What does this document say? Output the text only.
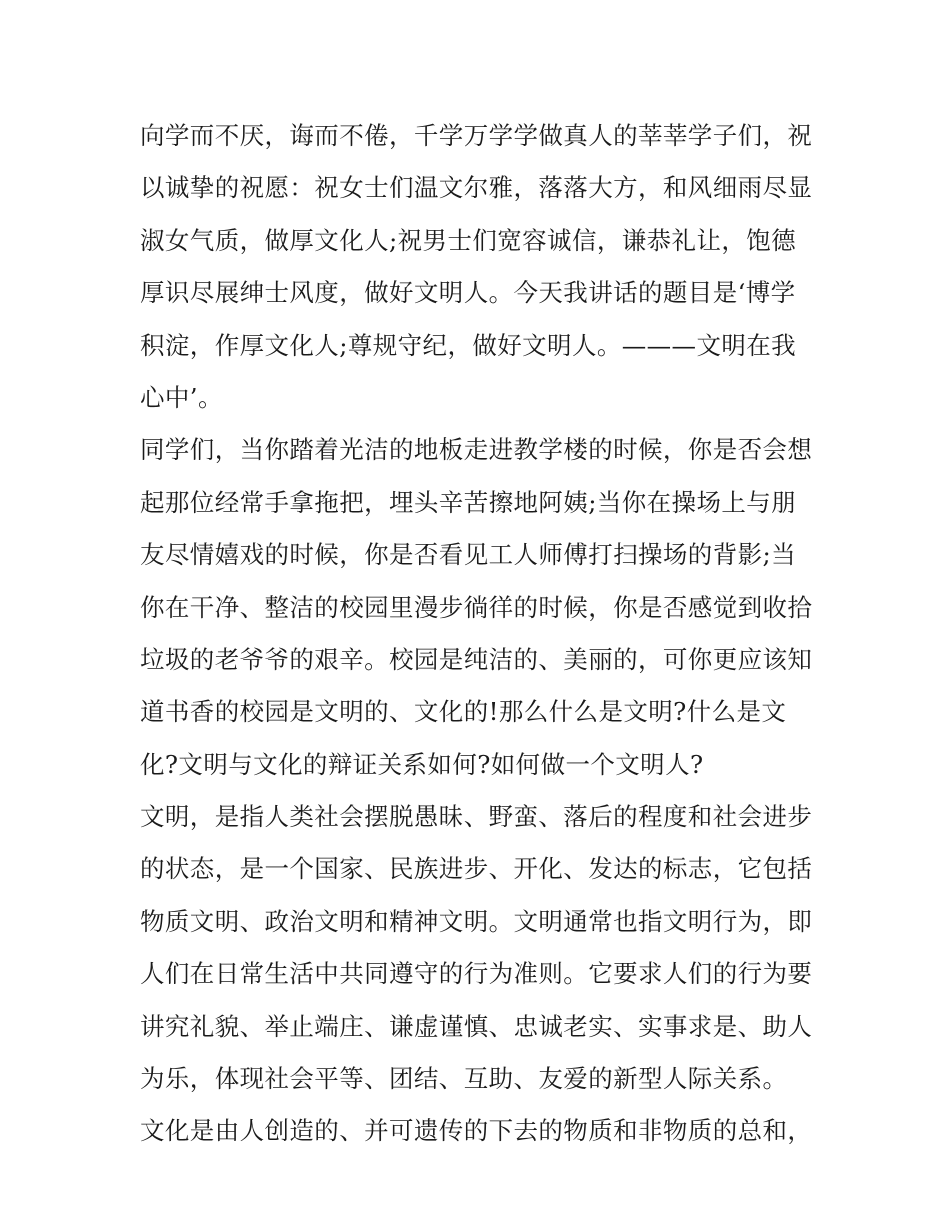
向学而不厌，诲而不倦，千学万学学做真人的莘莘学子们，祝
以诚挚的祝愿：祝女士们温文尔雅，落落大方，和风细雨尽显
淑女气质，做厚文化人;祝男士们宽容诚信，谦恭礼让，饱德
厚识尽展绅士风度，做好文明人。今天我讲话的题目是‘博学
积淀，作厚文化人;尊规守纪，做好文明人。———文明在我
心中’。
同学们，当你踏着光洁的地板走进教学楼的时候，你是否会想
起那位经常手拿拖把，埋头辛苦擦地阿姨;当你在操场上与朋
友尽情嬉戏的时候，你是否看见工人师傅打扫操场的背影;当
你在干净、整洁的校园里漫步徜徉的时候，你是否感觉到收拾
垃圾的老爷爷的艰辛。校园是纯洁的、美丽的，可你更应该知
道书香的校园是文明的、文化的!那么什么是文明?什么是文
化?文明与文化的辩证关系如何?如何做一个文明人?
文明，是指人类社会摆脱愚昧、野蛮、落后的程度和社会进步
的状态，是一个国家、民族进步、开化、发达的标志，它包括
物质文明、政治文明和精神文明。文明通常也指文明行为，即
人们在日常生活中共同遵守的行为准则。它要求人们的行为要
讲究礼貌、举止端庄、谦虚谨慎、忠诚老实、实事求是、助人
为乐，体现社会平等、团结、互助、友爱的新型人际关系。
文化是由人创造的、并可遗传的下去的物质和非物质的总和，
